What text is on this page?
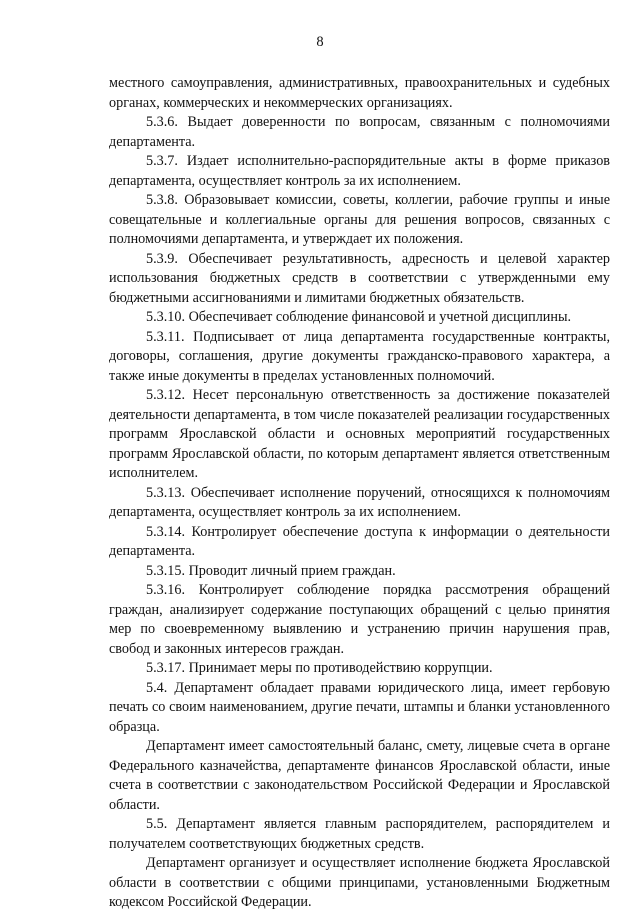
8

местного самоуправления, административных, правоохранительных и судебных органах, коммерческих и некоммерческих организациях.

5.3.6. Выдает доверенности по вопросам, связанным с полномочиями департамента.

5.3.7. Издает исполнительно-распорядительные акты в форме приказов департамента, осуществляет контроль за их исполнением.

5.3.8. Образовывает комиссии, советы, коллегии, рабочие группы и иные совещательные и коллегиальные органы для решения вопросов, связанных с полномочиями департамента, и утверждает их положения.

5.3.9. Обеспечивает результативность, адресность и целевой характер использования бюджетных средств в соответствии с утвержденными ему бюджетными ассигнованиями и лимитами бюджетных обязательств.

5.3.10. Обеспечивает соблюдение финансовой и учетной дисциплины.

5.3.11. Подписывает от лица департамента государственные контракты, договоры, соглашения, другие документы гражданско-правового характера, а также иные документы в пределах установленных полномочий.

5.3.12. Несет персональную ответственность за достижение показателей деятельности департамента, в том числе показателей реализации государственных программ Ярославской области и основных мероприятий государственных программ Ярославской области, по которым департамент является ответственным исполнителем.

5.3.13. Обеспечивает исполнение поручений, относящихся к полномочиям департамента, осуществляет контроль за их исполнением.

5.3.14. Контролирует обеспечение доступа к информации о деятельности департамента.

5.3.15. Проводит личный прием граждан.

5.3.16. Контролирует соблюдение порядка рассмотрения обращений граждан, анализирует содержание поступающих обращений с целью принятия мер по своевременному выявлению и устранению причин нарушения прав, свобод и законных интересов граждан.

5.3.17. Принимает меры по противодействию коррупции.

5.4. Департамент обладает правами юридического лица, имеет гербовую печать со своим наименованием, другие печати, штампы и бланки установленного образца.

Департамент имеет самостоятельный баланс, смету, лицевые счета в органе Федерального казначейства, департаменте финансов Ярославской области, иные счета в соответствии с законодательством Российской Федерации и Ярославской области.

5.5. Департамент является главным распорядителем, распорядителем и получателем соответствующих бюджетных средств.

Департамент организует и осуществляет исполнение бюджета Ярославской области в соответствии с общими принципами, установленными Бюджетным кодексом Российской Федерации.
